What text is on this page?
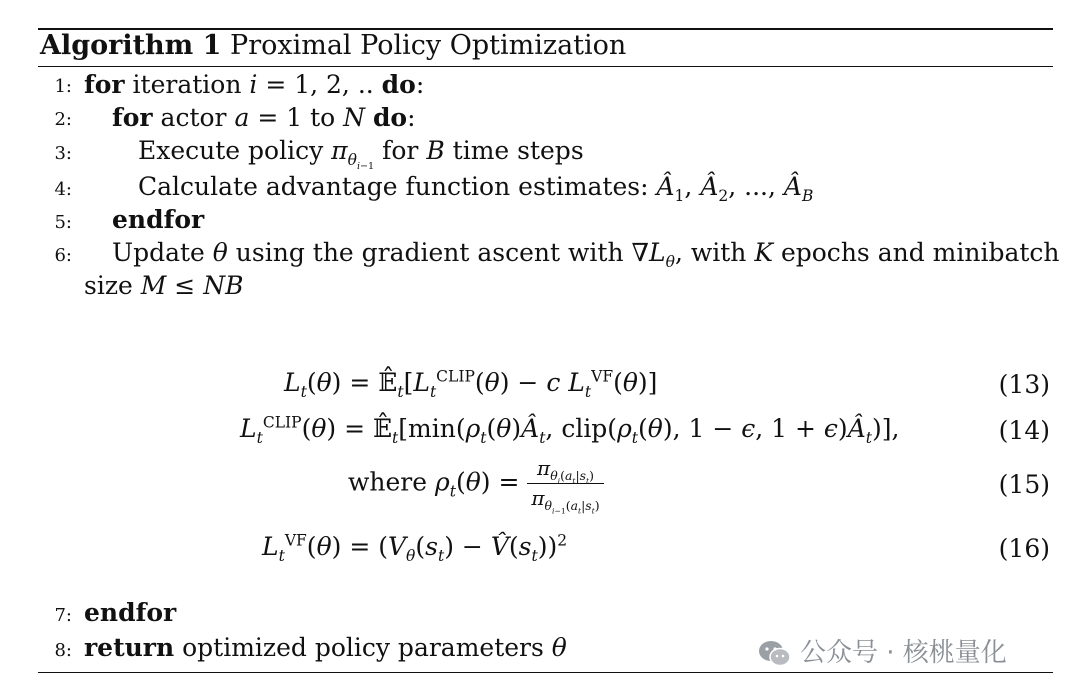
Algorithm 1 Proximal Policy Optimization
1: for iteration i = 1, 2, .. do:
2: for actor a = 1 to N do:
3:	Execute policy $\pi_{\theta_{i-1}}$ for B time steps
4:	Calculate advantage function estimates: $Â_1$, $Â_2$, ..., $Â_B$
5: endfor
6: Update θ using the gradient ascent with $\nabla L_\theta$, with K epochs and minibatch
size M ≤ NB
$L_t(\theta)$ = $𝔼̂_t[L_t^{CLIP}(\theta) - c$ $L_t^{VF}(\theta)$]	(13)
$L_t^{CLIP}(\theta)$ = $𝔼̂_t[\min(\rho_t(\theta)Â_t$, $clip(\rho_t(\theta)$, 1 − ϵ, $1 + \epsilon)Â_t$)],	(14)
where $\rho_t(\theta) = \frac{\pi_{\theta_i(a_t|s_t)}}{\pi_{\theta_{i-1}(a_t|s_t)}}$	(15)
$L_t^{VF}(\theta) = (V_\theta(s_t)$ − $V̂(s_t))^2$	(16)
7: endfor
8: return optimized policy parameters θ	公众号 · 核桃量化
